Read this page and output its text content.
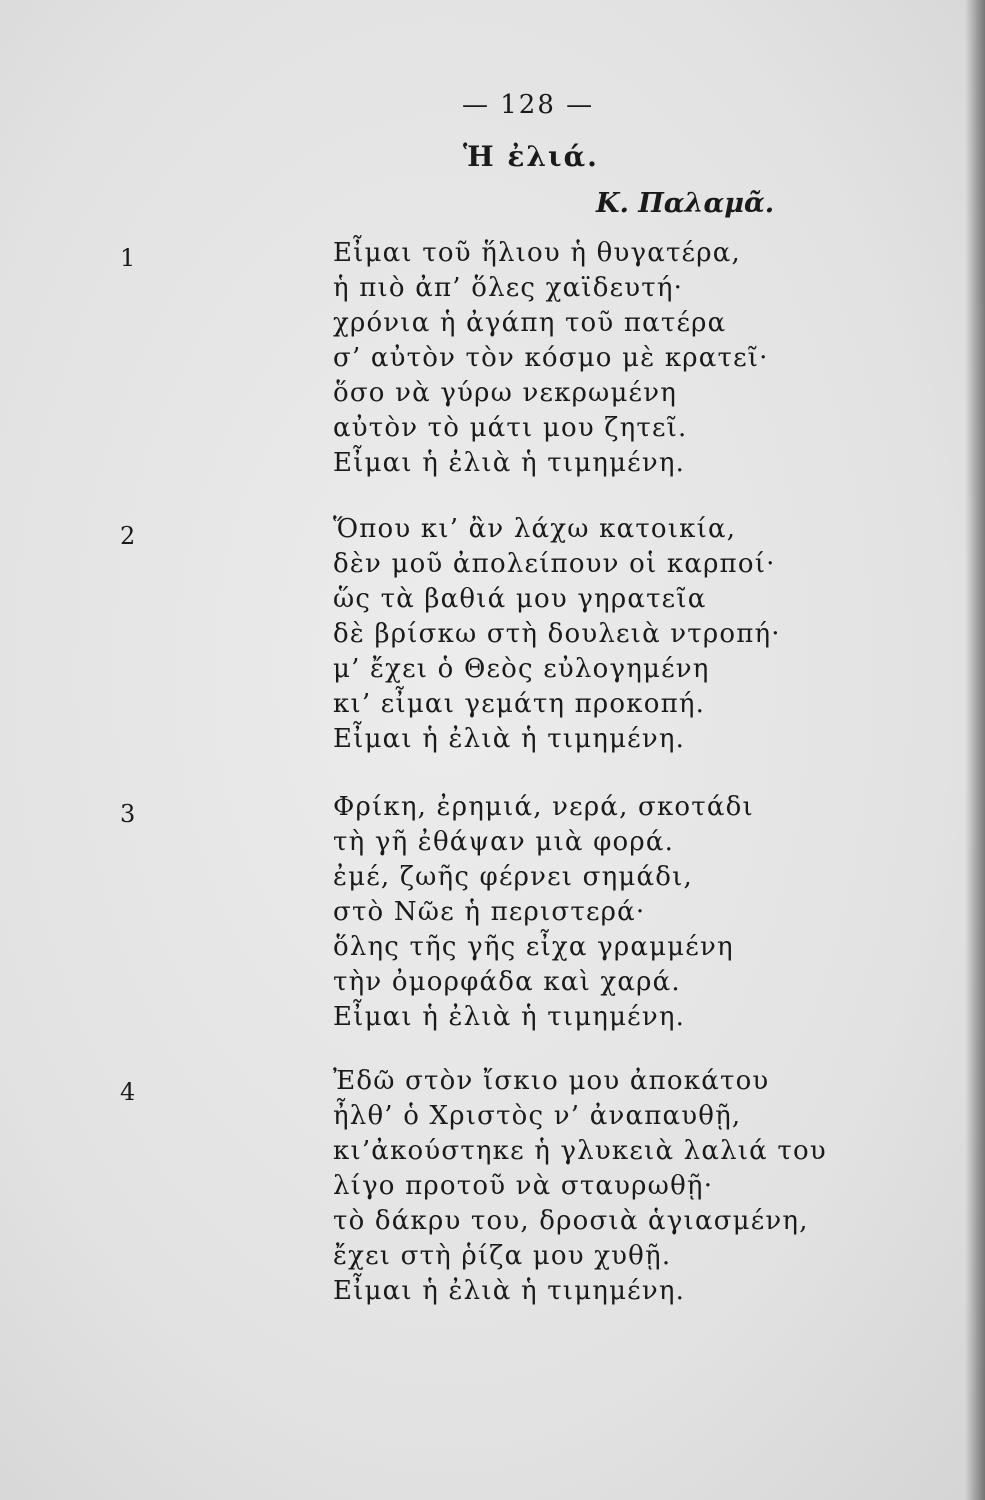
— 128 —
Ἡ ἐλιά.
Κ. Παλαμᾶ.
1	Εἶμαι τοῦ ἥλιου ἡ θυγατέρα,
ἡ πιὸ ἀπ’ ὅλες χαϊδευτή·
χρόνια ἡ ἀγάπη τοῦ πατέρα
σ’ αὐτὸν τὸν κόσμο μὲ κρατεῖ·
ὅσο νὰ γύρω νεκρωμένη
αὐτὸν τὸ μάτι μου ζητεῖ.
Εἶμαι ἡ ἐλιὰ ἡ τιμημένη.
2	Ὅπου κι’ ἂν λάχω κατοικία,
δὲν μοῦ ἀπολείπουν οἱ καρποί·
ὥς τὰ βαθιά μου γηρατεῖα
δὲ βρίσκω στὴ δουλειὰ ντροπή·
μ’ ἔχει ὁ Θεὸς εὐλογημένη
κι’ εἶμαι γεμάτη προκοπή.
Εἶμαι ἡ ἐλιὰ ἡ τιμημένη.
3	Φρίκη, ἐρημιά, νερά, σκοτάδι
τὴ γῆ ἐθάψαν μιὰ φορά.
ἐμέ, ζωῆς φέρνει σημάδι,
στὸ Νῶε ἡ περιστερά·
ὅλης τῆς γῆς εἶχα γραμμένη
τὴν ὀμορφάδα καὶ χαρά.
Εἶμαι ἡ ἐλιὰ ἡ τιμημένη.
4	Ἐδῶ στὸν ἴσκιο μου ἀποκάτου
ἦλθ’ ὁ Χριστὸς ν’ ἀναπαυθῇ,
κι’ἀκούστηκε ἡ γλυκειὰ λαλιά του
λίγο προτοῦ νὰ σταυρωθῇ·
τὸ δάκρυ του, δροσιὰ ἁγιασμένη,
ἔχει στὴ ῥίζα μου χυθῇ.
Εἶμαι ἡ ἐλιὰ ἡ τιμημένη.
